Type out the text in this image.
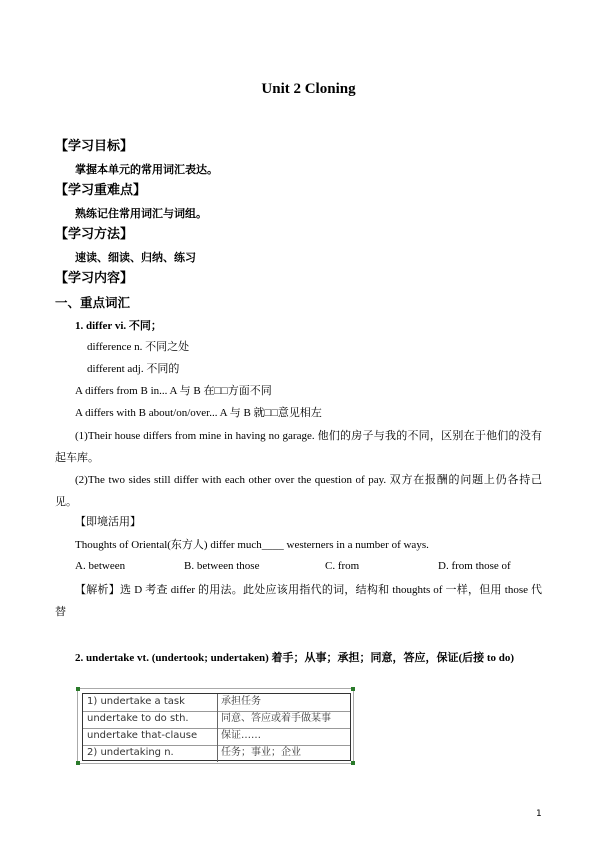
Unit 2 Cloning
【学习目标】
掌握本单元的常用词汇表达。
【学习重难点】
熟练记住常用词汇与词组。
【学习方法】
速读、细读、归纳、练习
【学习内容】
一、重点词汇
1. differ vi. 不同；
difference n. 不同之处
different adj. 不同的
A differs from B in... A 与 B 在□□方面不同
A differs with B about/on/over... A 与 B 就□□意见相左
(1)Their house differs from mine in having no garage. 他们的房子与我的不同，区别在于他们的没有起车库。
(2)The two sides still differ with each other over the question of pay. 双方在报酬的问题上仍各持己见。
【即境活用】
Thoughts of Oriental(东方人) differ much____ westerners in a number of ways.
A. between	B. between those	C. from	D. from those of
【解析】选 D 考查 differ 的用法。此处应该用指代的词，结构和 thoughts of 一样，但用 those 代替
2. undertake vt. (undertook; undertaken) 着手；从事；承担；同意，答应，保证(后接 to do)
1) undertake a task	承担任务
undertake to do sth.	同意、答应或着手做某事
undertake that-clause 保证……
2) undertaking n.	任务；事业；企业
1
